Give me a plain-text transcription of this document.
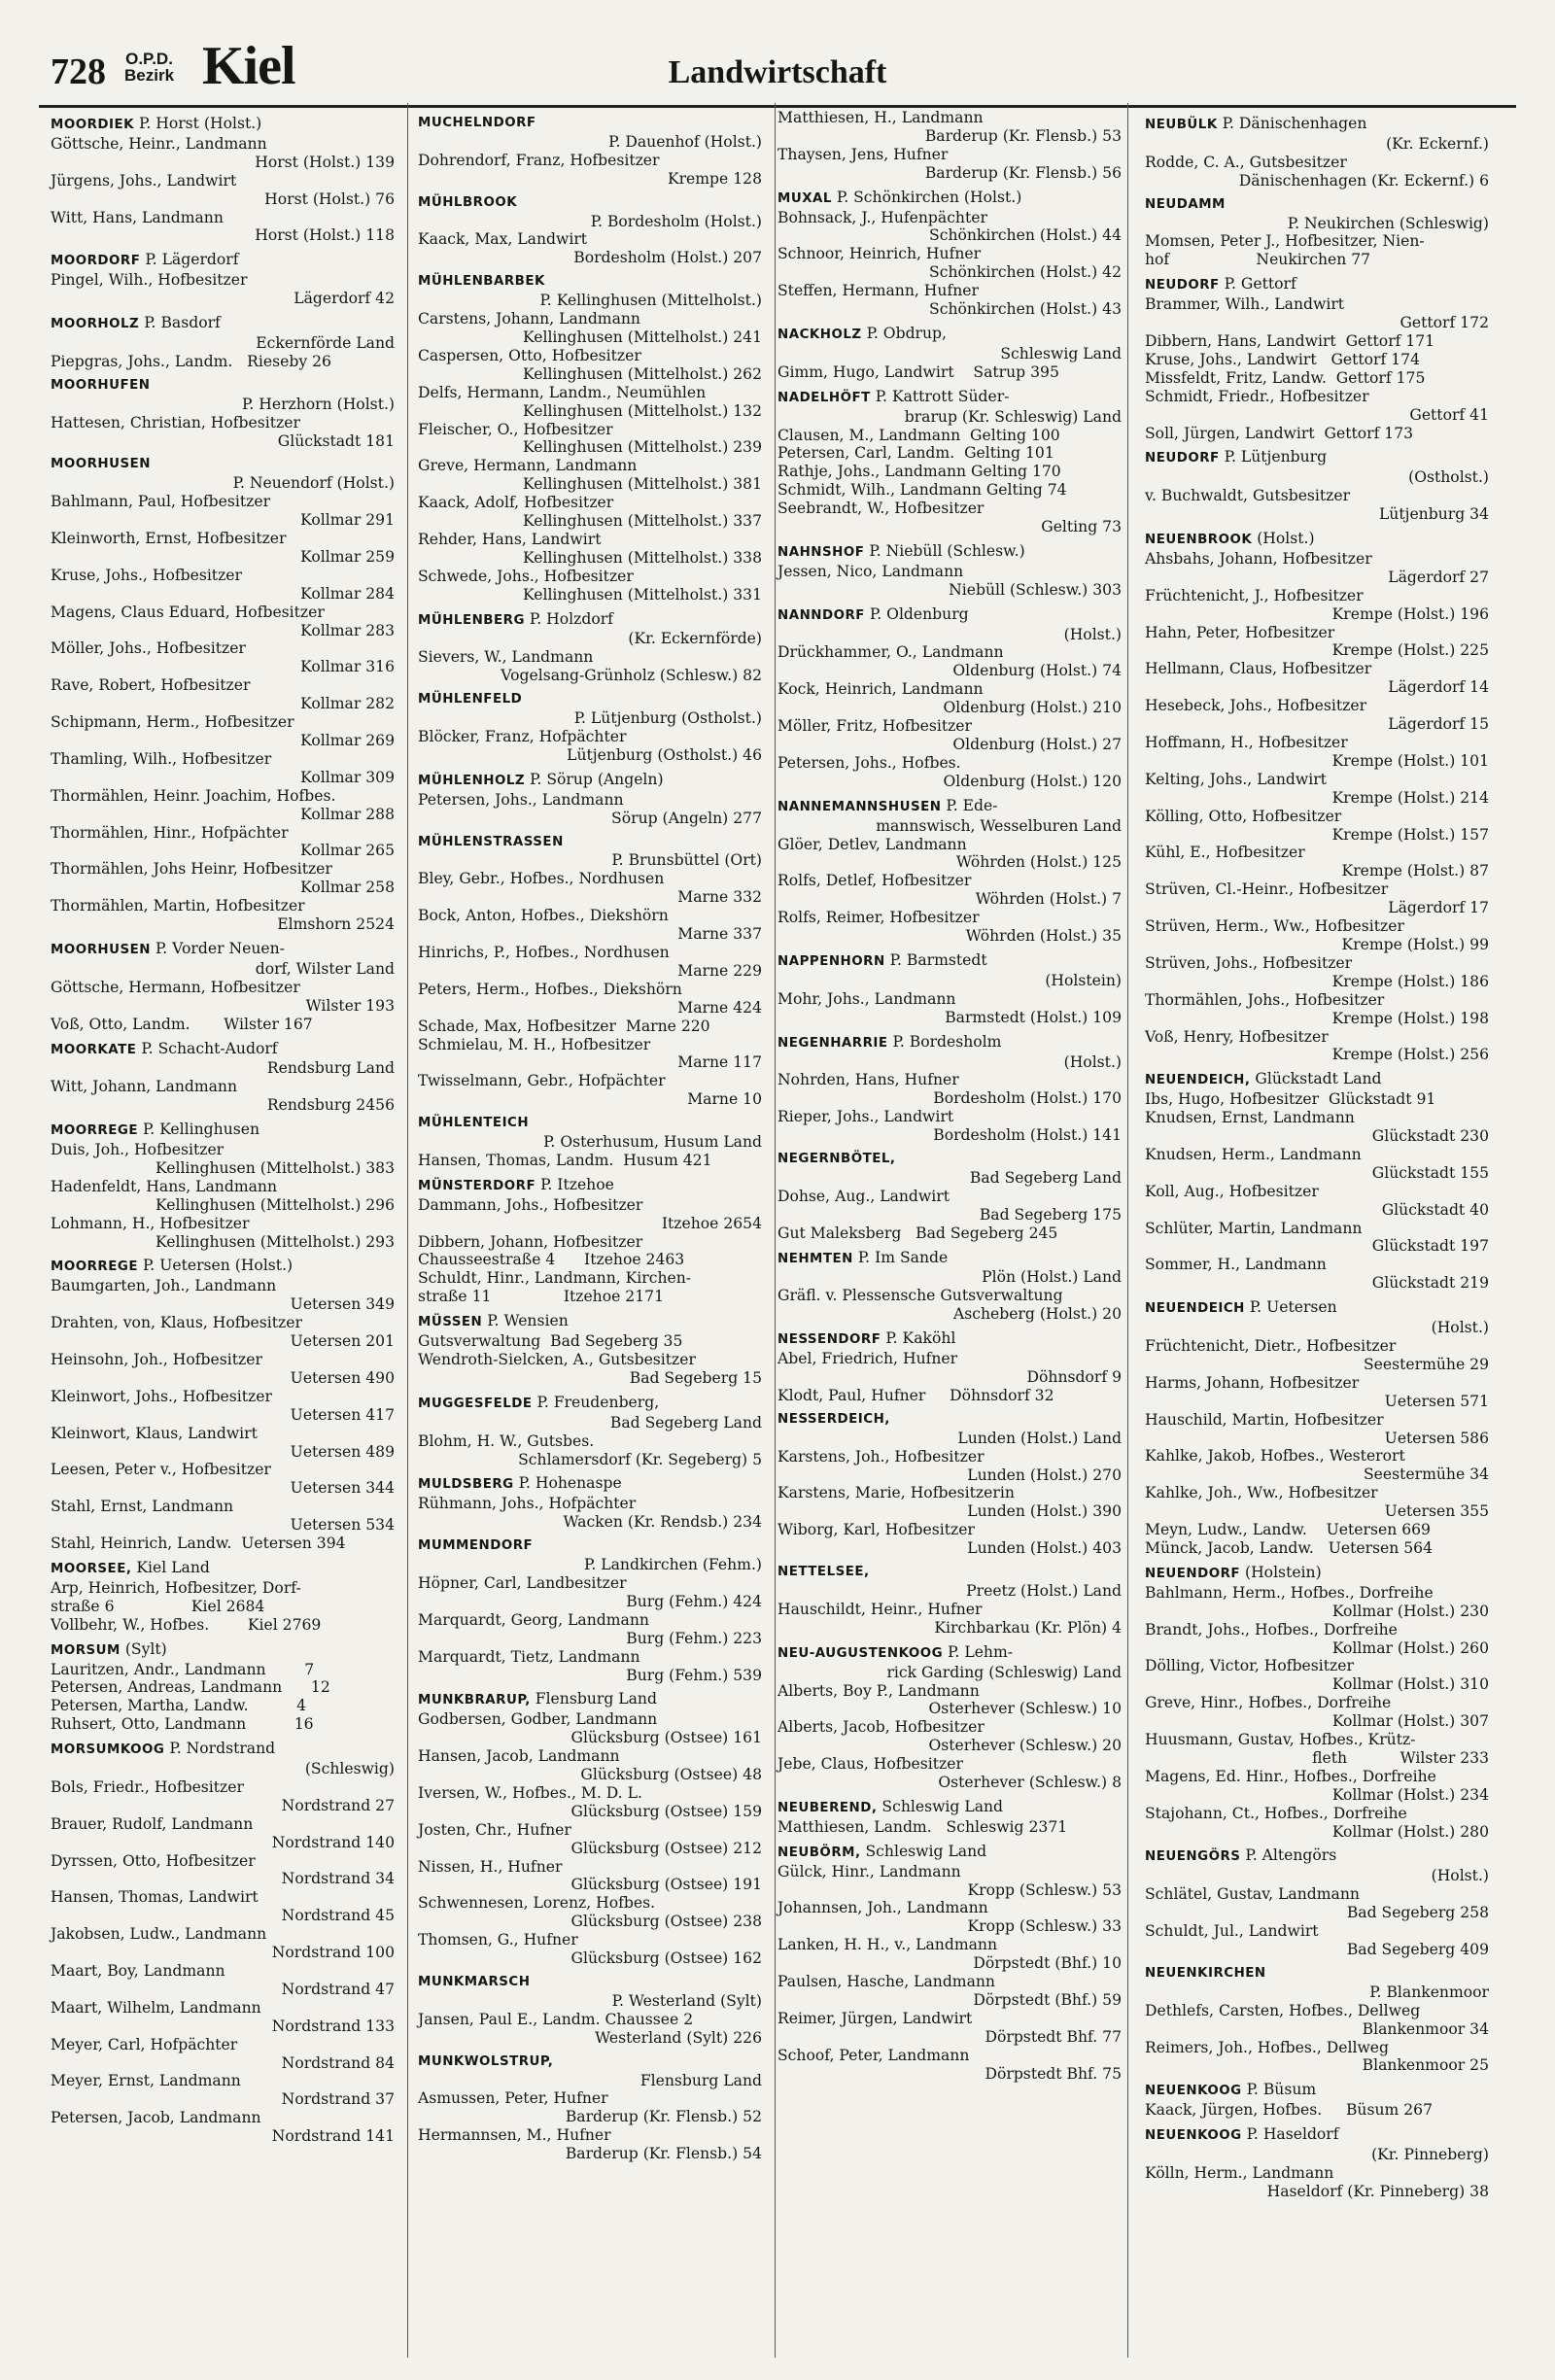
728 O.P.D.
Bezirk Kiel	Landwirtschaft
MOORDIEK P. Horst (Holst.)
Göttsche, Heinr., Landmann
Horst (Holst.) 139
Jürgens, Johs., Landwirt
Horst (Holst.) 76
Witt, Hans, Landmann
Horst (Holst.) 118
MOORDORF P. Lägerdorf
Pingel, Wilh., Hofbesitzer
Lägerdorf 42
MOORHOLZ P. Basdorf
Eckernförde Land
Piepgras, Johs., Landm.   Rieseby 26
MOORHUFEN
P. Herzhorn (Holst.)
Hattesen, Christian, Hofbesitzer
Glückstadt 181
MOORHUSEN
P. Neuendorf (Holst.)
Bahlmann, Paul, Hofbesitzer
Kollmar 291
Kleinworth, Ernst, Hofbesitzer
Kollmar 259
Kruse, Johs., Hofbesitzer
Kollmar 284
Magens, Claus Eduard, Hofbesitzer
Kollmar 283
Möller, Johs., Hofbesitzer
Kollmar 316
Rave, Robert, Hofbesitzer
Kollmar 282
Schipmann, Herm., Hofbesitzer
Kollmar 269
Thamling, Wilh., Hofbesitzer
Kollmar 309
Thormählen, Heinr. Joachim, Hofbes.
Kollmar 288
Thormählen, Hinr., Hofpächter
Kollmar 265
Thormählen, Johs Heinr, Hofbesitzer
Kollmar 258
Thormählen, Martin, Hofbesitzer
Elmshorn 2524
MOORHUSEN P. Vorder Neuen-
dorf, Wilster Land
Göttsche, Hermann, Hofbesitzer
Wilster 193
Voß, Otto, Landm.       Wilster 167
MOORKATE P. Schacht-Audorf
Rendsburg Land
Witt, Johann, Landmann
Rendsburg 2456
MOORREGE P. Kellinghusen
Duis, Joh., Hofbesitzer
Kellinghusen (Mittelholst.) 383
Hadenfeldt, Hans, Landmann
Kellinghusen (Mittelholst.) 296
Lohmann, H., Hofbesitzer
Kellinghusen (Mittelholst.) 293
MOORREGE P. Uetersen (Holst.)
Baumgarten, Joh., Landmann
Uetersen 349
Drahten, von, Klaus, Hofbesitzer
Uetersen 201
Heinsohn, Joh., Hofbesitzer
Uetersen 490
Kleinwort, Johs., Hofbesitzer
Uetersen 417
Kleinwort, Klaus, Landwirt
Uetersen 489
Leesen, Peter v., Hofbesitzer
Uetersen 344
Stahl, Ernst, Landmann
Uetersen 534
Stahl, Heinrich, Landw.  Uetersen 394
MOORSEE, Kiel Land
Arp, Heinrich, Hofbesitzer, Dorf-
straße 6                Kiel 2684
Vollbehr, W., Hofbes.        Kiel 2769
MORSUM (Sylt)
Lauritzen, Andr., Landmann        7
Petersen, Andreas, Landmann      12
Petersen, Martha, Landw.          4
Ruhsert, Otto, Landmann          16
MORSUMKOOG P. Nordstrand
(Schleswig)
Bols, Friedr., Hofbesitzer
Nordstrand 27
Brauer, Rudolf, Landmann
Nordstrand 140
Dyrssen, Otto, Hofbesitzer
Nordstrand 34
Hansen, Thomas, Landwirt
Nordstrand 45
Jakobsen, Ludw., Landmann
Nordstrand 100
Maart, Boy, Landmann
Nordstrand 47
Maart, Wilhelm, Landmann
Nordstrand 133
Meyer, Carl, Hofpächter
Nordstrand 84
Meyer, Ernst, Landmann
Nordstrand 37
Petersen, Jacob, Landmann
Nordstrand 141
MUCHELNDORF
P. Dauenhof (Holst.)
Dohrendorf, Franz, Hofbesitzer
Krempe 128
MÜHLBROOK
P. Bordesholm (Holst.)
Kaack, Max, Landwirt
Bordesholm (Holst.) 207
MÜHLENBARBEK
P. Kellinghusen (Mittelholst.)
Carstens, Johann, Landmann
Kellinghusen (Mittelholst.) 241
Caspersen, Otto, Hofbesitzer
Kellinghusen (Mittelholst.) 262
Delfs, Hermann, Landm., Neumühlen
Kellinghusen (Mittelholst.) 132
Fleischer, O., Hofbesitzer
Kellinghusen (Mittelholst.) 239
Greve, Hermann, Landmann
Kellinghusen (Mittelholst.) 381
Kaack, Adolf, Hofbesitzer
Kellinghusen (Mittelholst.) 337
Rehder, Hans, Landwirt
Kellinghusen (Mittelholst.) 338
Schwede, Johs., Hofbesitzer
Kellinghusen (Mittelholst.) 331
MÜHLENBERG P. Holzdorf
(Kr. Eckernförde)
Sievers, W., Landmann
Vogelsang-Grünholz (Schlesw.) 82
MÜHLENFELD
P. Lütjenburg (Ostholst.)
Blöcker, Franz, Hofpächter
Lütjenburg (Ostholst.) 46
MÜHLENHOLZ P. Sörup (Angeln)
Petersen, Johs., Landmann
Sörup (Angeln) 277
MÜHLENSTRASSEN
P. Brunsbüttel (Ort)
Bley, Gebr., Hofbes., Nordhusen
Marne 332
Bock, Anton, Hofbes., Diekshörn
Marne 337
Hinrichs, P., Hofbes., Nordhusen
Marne 229
Peters, Herm., Hofbes., Diekshörn
Marne 424
Schade, Max, Hofbesitzer  Marne 220
Schmielau, M. H., Hofbesitzer
Marne 117
Twisselmann, Gebr., Hofpächter
Marne 10
MÜHLENTEICH
P. Osterhusum, Husum Land
Hansen, Thomas, Landm.  Husum 421
MÜNSTERDORF P. Itzehoe
Dammann, Johs., Hofbesitzer
Itzehoe 2654
Dibbern, Johann, Hofbesitzer
Chausseestraße 4      Itzehoe 2463
Schuldt, Hinr., Landmann, Kirchen-
straße 11               Itzehoe 2171
MÜSSEN P. Wensien
Gutsverwaltung  Bad Segeberg 35
Wendroth-Sielcken, A., Gutsbesitzer
Bad Segeberg 15
MUGGESFELDE P. Freudenberg,
Bad Segeberg Land
Blohm, H. W., Gutsbes.
Schlamersdorf (Kr. Segeberg) 5
MULDSBERG P. Hohenaspe
Rühmann, Johs., Hofpächter
Wacken (Kr. Rendsb.) 234
MUMMENDORF
P. Landkirchen (Fehm.)
Höpner, Carl, Landbesitzer
Burg (Fehm.) 424
Marquardt, Georg, Landmann
Burg (Fehm.) 223
Marquardt, Tietz, Landmann
Burg (Fehm.) 539
MUNKBRARUP, Flensburg Land
Godbersen, Godber, Landmann
Glücksburg (Ostsee) 161
Hansen, Jacob, Landmann
Glücksburg (Ostsee) 48
Iversen, W., Hofbes., M. D. L.
Glücksburg (Ostsee) 159
Josten, Chr., Hufner
Glücksburg (Ostsee) 212
Nissen, H., Hufner
Glücksburg (Ostsee) 191
Schwennesen, Lorenz, Hofbes.
Glücksburg (Ostsee) 238
Thomsen, G., Hufner
Glücksburg (Ostsee) 162
MUNKMARSCH
P. Westerland (Sylt)
Jansen, Paul E., Landm. Chaussee 2
Westerland (Sylt) 226
MUNKWOLSTRUP,
Flensburg Land
Asmussen, Peter, Hufner
Barderup (Kr. Flensb.) 52
Hermannsen, M., Hufner
Barderup (Kr. Flensb.) 54
Matthiesen, H., Landmann
Barderup (Kr. Flensb.) 53
Thaysen, Jens, Hufner
Barderup (Kr. Flensb.) 56
MUXAL P. Schönkirchen (Holst.)
Bohnsack, J., Hufenpächter
Schönkirchen (Holst.) 44
Schnoor, Heinrich, Hufner
Schönkirchen (Holst.) 42
Steffen, Hermann, Hufner
Schönkirchen (Holst.) 43
NACKHOLZ P. Obdrup,
Schleswig Land
Gimm, Hugo, Landwirt    Satrup 395
NADELHÖFT P. Kattrott Süder-
brarup (Kr. Schleswig) Land
Clausen, M., Landmann  Gelting 100
Petersen, Carl, Landm.  Gelting 101
Rathje, Johs., Landmann Gelting 170
Schmidt, Wilh., Landmann Gelting 74
Seebrandt, W., Hofbesitzer
Gelting 73
NAHNSHOF P. Niebüll (Schlesw.)
Jessen, Nico, Landmann
Niebüll (Schlesw.) 303
NANNDORF P. Oldenburg
(Holst.)
Drückhammer, O., Landmann
Oldenburg (Holst.) 74
Kock, Heinrich, Landmann
Oldenburg (Holst.) 210
Möller, Fritz, Hofbesitzer
Oldenburg (Holst.) 27
Petersen, Johs., Hofbes.
Oldenburg (Holst.) 120
NANNEMANNSHUSEN P. Ede-
mannswisch, Wesselburen Land
Glöer, Detlev, Landmann
Wöhrden (Holst.) 125
Rolfs, Detlef, Hofbesitzer
Wöhrden (Holst.) 7
Rolfs, Reimer, Hofbesitzer
Wöhrden (Holst.) 35
NAPPENHORN P. Barmstedt
(Holstein)
Mohr, Johs., Landmann
Barmstedt (Holst.) 109
NEGENHARRIE P. Bordesholm
(Holst.)
Nohrden, Hans, Hufner
Bordesholm (Holst.) 170
Rieper, Johs., Landwirt
Bordesholm (Holst.) 141
NEGERNBÖTEL,
Bad Segeberg Land
Dohse, Aug., Landwirt
Bad Segeberg 175
Gut Maleksberg   Bad Segeberg 245
NEHMTEN P. Im Sande
Plön (Holst.) Land
Gräfl. v. Plessensche Gutsverwaltung
Ascheberg (Holst.) 20
NESSENDORF P. Kaköhl
Abel, Friedrich, Hufner
Döhnsdorf 9
Klodt, Paul, Hufner     Döhnsdorf 32
NESSERDEICH,
Lunden (Holst.) Land
Karstens, Joh., Hofbesitzer
Lunden (Holst.) 270
Karstens, Marie, Hofbesitzerin
Lunden (Holst.) 390
Wiborg, Karl, Hofbesitzer
Lunden (Holst.) 403
NETTELSEE,
Preetz (Holst.) Land
Hauschildt, Heinr., Hufner
Kirchbarkau (Kr. Plön) 4
NEU-AUGUSTENKOOG P. Lehm-
rick Garding (Schleswig) Land
Alberts, Boy P., Landmann
Osterhever (Schlesw.) 10
Alberts, Jacob, Hofbesitzer
Osterhever (Schlesw.) 20
Jebe, Claus, Hofbesitzer
Osterhever (Schlesw.) 8
NEUBEREND, Schleswig Land
Matthiesen, Landm.   Schleswig 2371
NEUBÖRM, Schleswig Land
Gülck, Hinr., Landmann
Kropp (Schlesw.) 53
Johannsen, Joh., Landmann
Kropp (Schlesw.) 33
Lanken, H. H., v., Landmann
Dörpstedt (Bhf.) 10
Paulsen, Hasche, Landmann
Dörpstedt (Bhf.) 59
Reimer, Jürgen, Landwirt
Dörpstedt Bhf. 77
Schoof, Peter, Landmann
Dörpstedt Bhf. 75
NEUBÜLK P. Dänischenhagen
(Kr. Eckernf.)
Rodde, C. A., Gutsbesitzer
Dänischenhagen (Kr. Eckernf.) 6
NEUDAMM
P. Neukirchen (Schleswig)
Momsen, Peter J., Hofbesitzer, Nien-
hof                  Neukirchen 77
NEUDORF P. Gettorf
Brammer, Wilh., Landwirt
Gettorf 172
Dibbern, Hans, Landwirt  Gettorf 171
Kruse, Johs., Landwirt   Gettorf 174
Missfeldt, Fritz, Landw.  Gettorf 175
Schmidt, Friedr., Hofbesitzer
Gettorf 41
Soll, Jürgen, Landwirt  Gettorf 173
NEUDORF P. Lütjenburg
(Ostholst.)
v. Buchwaldt, Gutsbesitzer
Lütjenburg 34
NEUENBROOK (Holst.)
Ahsbahs, Johann, Hofbesitzer
Lägerdorf 27
Früchtenicht, J., Hofbesitzer
Krempe (Holst.) 196
Hahn, Peter, Hofbesitzer
Krempe (Holst.) 225
Hellmann, Claus, Hofbesitzer
Lägerdorf 14
Hesebeck, Johs., Hofbesitzer
Lägerdorf 15
Hoffmann, H., Hofbesitzer
Krempe (Holst.) 101
Kelting, Johs., Landwirt
Krempe (Holst.) 214
Kölling, Otto, Hofbesitzer
Krempe (Holst.) 157
Kühl, E., Hofbesitzer
Krempe (Holst.) 87
Strüven, Cl.-Heinr., Hofbesitzer
Lägerdorf 17
Strüven, Herm., Ww., Hofbesitzer
Krempe (Holst.) 99
Strüven, Johs., Hofbesitzer
Krempe (Holst.) 186
Thormählen, Johs., Hofbesitzer
Krempe (Holst.) 198
Voß, Henry, Hofbesitzer
Krempe (Holst.) 256
NEUENDEICH, Glückstadt Land
Ibs, Hugo, Hofbesitzer  Glückstadt 91
Knudsen, Ernst, Landmann
Glückstadt 230
Knudsen, Herm., Landmann
Glückstadt 155
Koll, Aug., Hofbesitzer
Glückstadt 40
Schlüter, Martin, Landmann
Glückstadt 197
Sommer, H., Landmann
Glückstadt 219
NEUENDEICH P. Uetersen
(Holst.)
Früchtenicht, Dietr., Hofbesitzer
Seestermühe 29
Harms, Johann, Hofbesitzer
Uetersen 571
Hauschild, Martin, Hofbesitzer
Uetersen 586
Kahlke, Jakob, Hofbes., Westerort
Seestermühe 34
Kahlke, Joh., Ww., Hofbesitzer
Uetersen 355
Meyn, Ludw., Landw.    Uetersen 669
Münck, Jacob, Landw.   Uetersen 564
NEUENDORF (Holstein)
Bahlmann, Herm., Hofbes., Dorfreihe
Kollmar (Holst.) 230
Brandt, Johs., Hofbes., Dorfreihe
Kollmar (Holst.) 260
Dölling, Victor, Hofbesitzer
Kollmar (Holst.) 310
Greve, Hinr., Hofbes., Dorfreihe
Kollmar (Holst.) 307
Huusmann, Gustav, Hofbes., Krütz-
fleth           Wilster 233
Magens, Ed. Hinr., Hofbes., Dorfreihe
Kollmar (Holst.) 234
Stajohann, Ct., Hofbes., Dorfreihe
Kollmar (Holst.) 280
NEUENGÖRS P. Altengörs
(Holst.)
Schlätel, Gustav, Landmann
Bad Segeberg 258
Schuldt, Jul., Landwirt
Bad Segeberg 409
NEUENKIRCHEN
P. Blankenmoor
Dethlefs, Carsten, Hofbes., Dellweg
Blankenmoor 34
Reimers, Joh., Hofbes., Dellweg
Blankenmoor 25
NEUENKOOG P. Büsum
Kaack, Jürgen, Hofbes.     Büsum 267
NEUENKOOG P. Haseldorf
(Kr. Pinneberg)
Kölln, Herm., Landmann
Haseldorf (Kr. Pinneberg) 38
